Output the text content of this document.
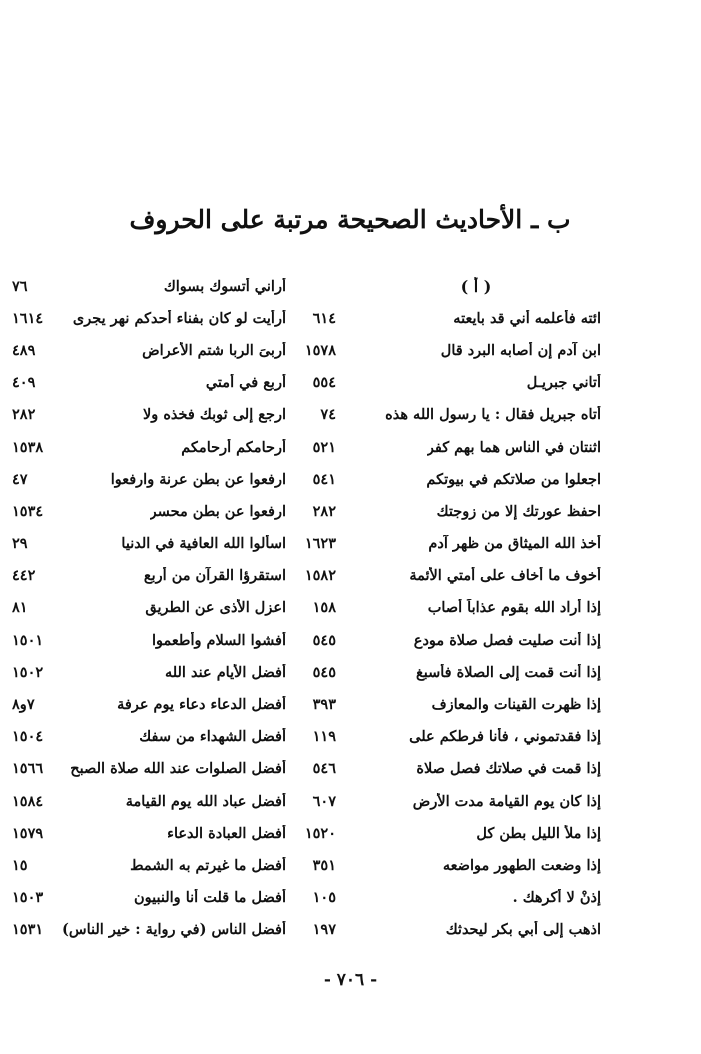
ب ـ الأحاديث الصحيحة مرتبة على الحروف
( أ )
ائته فأعلمه أني قد بايعته
٦١٤
ابن آدم إن أصابه البرد قال
١٥٧٨
أتاني جبريـل
٥٥٤
أتاه جبريل فقال : يا رسول الله هذه
٧٤
اثنتان في الناس هما بهم كفر
٥٢١
اجعلوا من صلاتكم في بيوتكم
٥٤١
احفظ عورتك إلا من زوجتك
٢٨٢
أخذ الله الميثاق من ظهر آدم
١٦٢٣
أخوف ما أخاف على أمتي الأئمة
١٥٨٢
إذا أراد الله بقوم عذاباً أصاب
١٥٨
إذا أنت صليت فصل صلاة مودع
٥٤٥
إذا أنت قمت إلى الصلاة فأسبغ
٥٤٥
إذا ظهرت القينات والمعازف
٣٩٣
إذا فقدتموني ، فأنا فرطكم على
١١٩
إذا قمت في صلاتك فصل صلاة
٥٤٦
إذا كان يوم القيامة مدت الأرض
٦٠٧
إذا ملأ الليل بطن كل
١٥٢٠
إذا وضعت الطهور مواضعه
٣٥١
إذنْ لا أكرهك .
١٠٥
اذهب إلى أبي بكر ليحدثك
١٩٧
أراني أتسوك بسواك
٧٦
أرأيت لو كان بفناء أحدكم نهر يجرى
١٦١٤
أربىَ الربا شتم الأعراض
٤٨٩
أربع في أمتي
٤٠٩
ارجع إلى ثوبك فخذه ولا
٢٨٢
أرحامكم أرحامكم
١٥٣٨
ارفعوا عن بطن عرنة وارفعوا
٤٧
ارفعوا عن بطن محسر
١٥٣٤
اسألوا الله العافية في الدنيا
٢٩
استقرؤا القرآن من أربع
٤٤٢
اعزل الأذى عن الطريق
٨١
أفشوا السلام وأطعموا
١٥٠١
أفضل الأيام عند الله
١٥٠٢
أفضل الدعاء دعاء يوم عرفة
٧و٨
أفضل الشهداء من سفك
١٥٠٤
أفضل الصلوات عند الله صلاة الصبح
١٥٦٦
أفضل عباد الله يوم القيامة
١٥٨٤
أفضل العبادة الدعاء
١٥٧٩
أفضل ما غيرتم به الشمط
١٥
أفضل ما قلت أنا والنبيون
١٥٠٣
أفضل الناس (في رواية : خير الناس)
١٥٣١
- ٧٠٦ -
